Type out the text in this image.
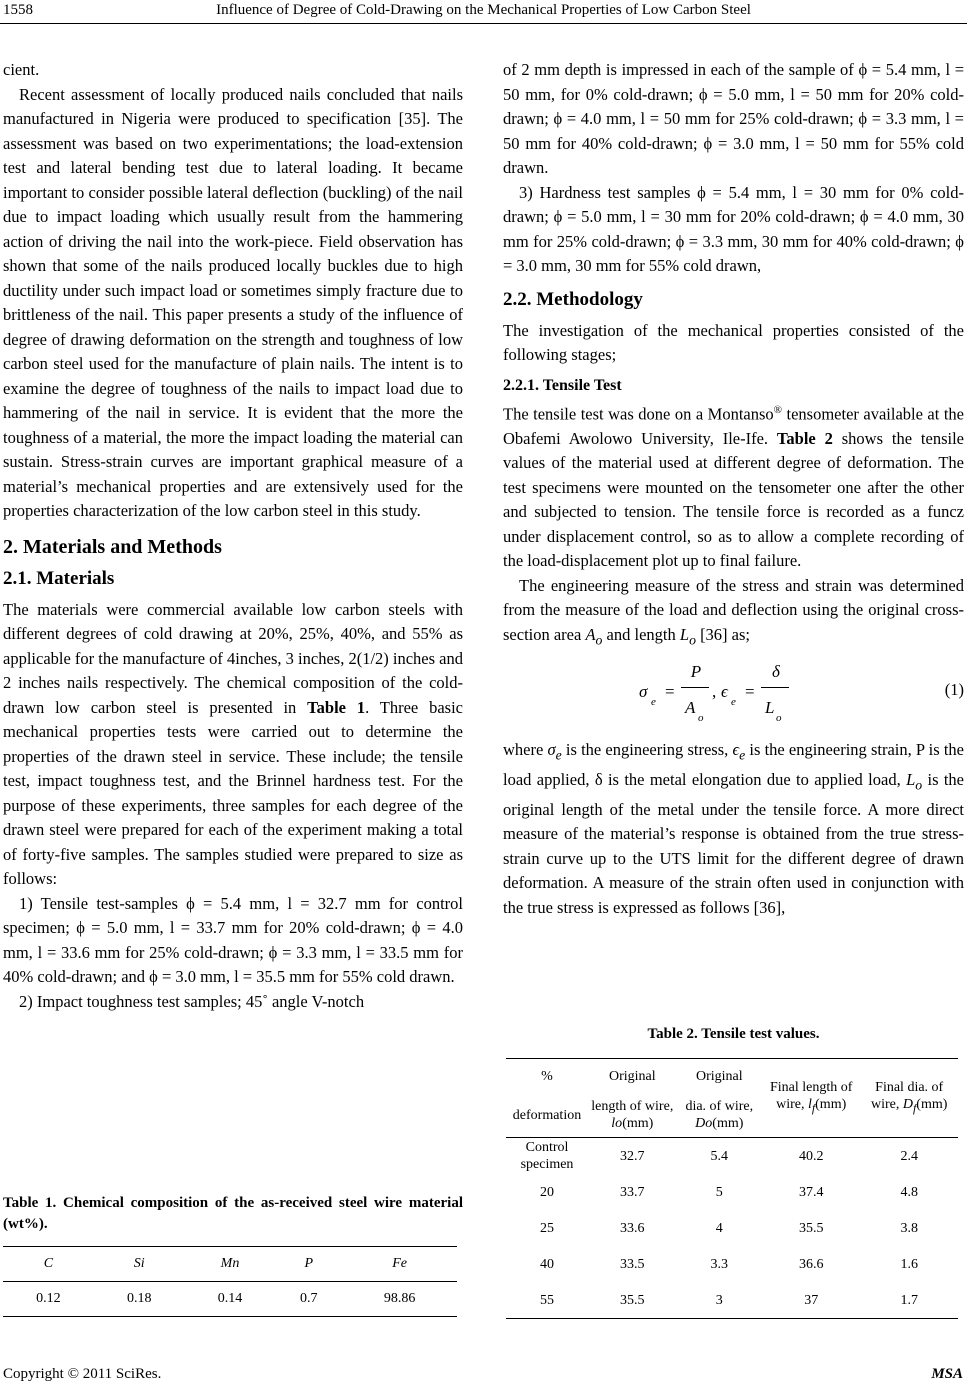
1558	Influence of Degree of Cold-Drawing on the Mechanical Properties of Low Carbon Steel

cient.

Recent assessment of locally produced nails concluded that nails manufactured in Nigeria were produced to specification [35]. The assessment was based on two experimentations; the load-extension test and lateral bending test due to lateral loading. It became important to consider possible lateral deflection (buckling) of the nail due to impact loading which usually result from the hammering action of driving the nail into the work-piece. Field observation has shown that some of the nails produced locally buckles due to high ductility under such impact load or sometimes simply fracture due to brittleness of the nail. This paper presents a study of the influence of degree of drawing deformation on the strength and toughness of low carbon steel used for the manufacture of plain nails. The intent is to examine the degree of toughness of the nails to impact load due to hammering of the nail in service. It is evident that the more the toughness of a material, the more the impact loading the material can sustain. Stress-strain curves are important graphical measure of a material’s mechanical properties and are extensively used for the properties characterization of the low carbon steel in this study.

2. Materials and Methods
2.1. Materials

The materials were commercial available low carbon steels with different degrees of cold drawing at 20%, 25%, 40%, and 55% as applicable for the manufacture of 4inches, 3 inches, 2(1/2) inches and 2 inches nails respectively. The chemical composition of the cold-drawn low carbon steel is presented in Table 1. Three basic mechanical properties tests were carried out to determine the properties of the drawn steel in service. These include; the tensile test, impact toughness test, and the Brinnel hardness test. For the purpose of these experiments, three samples for each degree of the drawn steel were prepared for each of the experiment making a total of forty-five samples. The samples studied were prepared to size as follows:

1) Tensile test-samples ϕ = 5.4 mm, l = 32.7 mm for control specimen; ϕ = 5.0 mm, l = 33.7 mm for 20% cold-drawn; ϕ = 4.0 mm, l = 33.6 mm for 25% cold-drawn; ϕ = 3.3 mm, l = 33.5 mm for 40% cold-drawn; and ϕ = 3.0 mm, l = 35.5 mm for 55% cold drawn.

2) Impact toughness test samples; 45˚ angle V-notch

Table 1. Chemical composition of the as-received steel wire material (wt%).
C	Si	Mn	P	Fe
0.12	0.18	0.14	0.7	98.86

of 2 mm depth is impressed in each of the sample of ϕ = 5.4 mm, l = 50 mm, for 0% cold-drawn; ϕ = 5.0 mm, l = 50 mm for 20% cold-drawn; ϕ = 4.0 mm, l = 50 mm for 25% cold-drawn; ϕ = 3.3 mm, l = 50 mm for 40% cold-drawn; ϕ = 3.0 mm, l = 50 mm for 55% cold drawn.

3) Hardness test samples ϕ = 5.4 mm, l = 30 mm for 0% cold-drawn; ϕ = 5.0 mm, l = 30 mm for 20% cold-drawn; ϕ = 4.0 mm, 30 mm for 25% cold-drawn; ϕ = 3.3 mm, 30 mm for 40% cold-drawn; ϕ = 3.0 mm, 30 mm for 55% cold drawn,

2.2. Methodology

The investigation of the mechanical properties consisted of the following stages;

2.2.1. Tensile Test

The tensile test was done on a Montanso® tensometer available at the Obafemi Awolowo University, Ile-Ife. Table 2 shows the tensile values of the material used at different degree of deformation. The test specimens were mounted on the tensometer one after the other and subjected to tension. The tensile force is recorded as a funcz under displacement control, so as to allow a complete recording of the load-displacement plot up to final failure.

The engineering measure of the stress and strain was determined from the measure of the load and deflection using the original cross-section area $A_o$ and length $L_o$ [36] as;

σ
e
=
P
A
o
, ϵ
e
=
δ
L
o
(1)

where $\sigma_e$ is the engineering stress, $\epsilon_e$ is the engineering strain, P is the load applied, δ is the metal elongation due to applied load, $L_o$ is the original length of the metal under the tensile force. A more direct measure of the material’s response is obtained from the true stress-strain curve up to the UTS limit for the different degree of drawn deformation. A measure of the strain often used in conjunction with the true stress is expressed as follows [36],

Table 2. Tensile test values.
%	Original	Original	Final length of wire, $l_f(mm)$	Final dia. of wire, $D_f(mm)$
deformation	length of wire, lo(mm)	dia. of wire, Do(mm)		
Control specimen	32.7	5.4	40.2	2.4
20	33.7	5	37.4	4.8
25	33.6	4	35.5	3.8
40	33.5	3.3	36.6	1.6
55	35.5	3	37	1.7
Copyright © 2011 SciRes.	MSA
